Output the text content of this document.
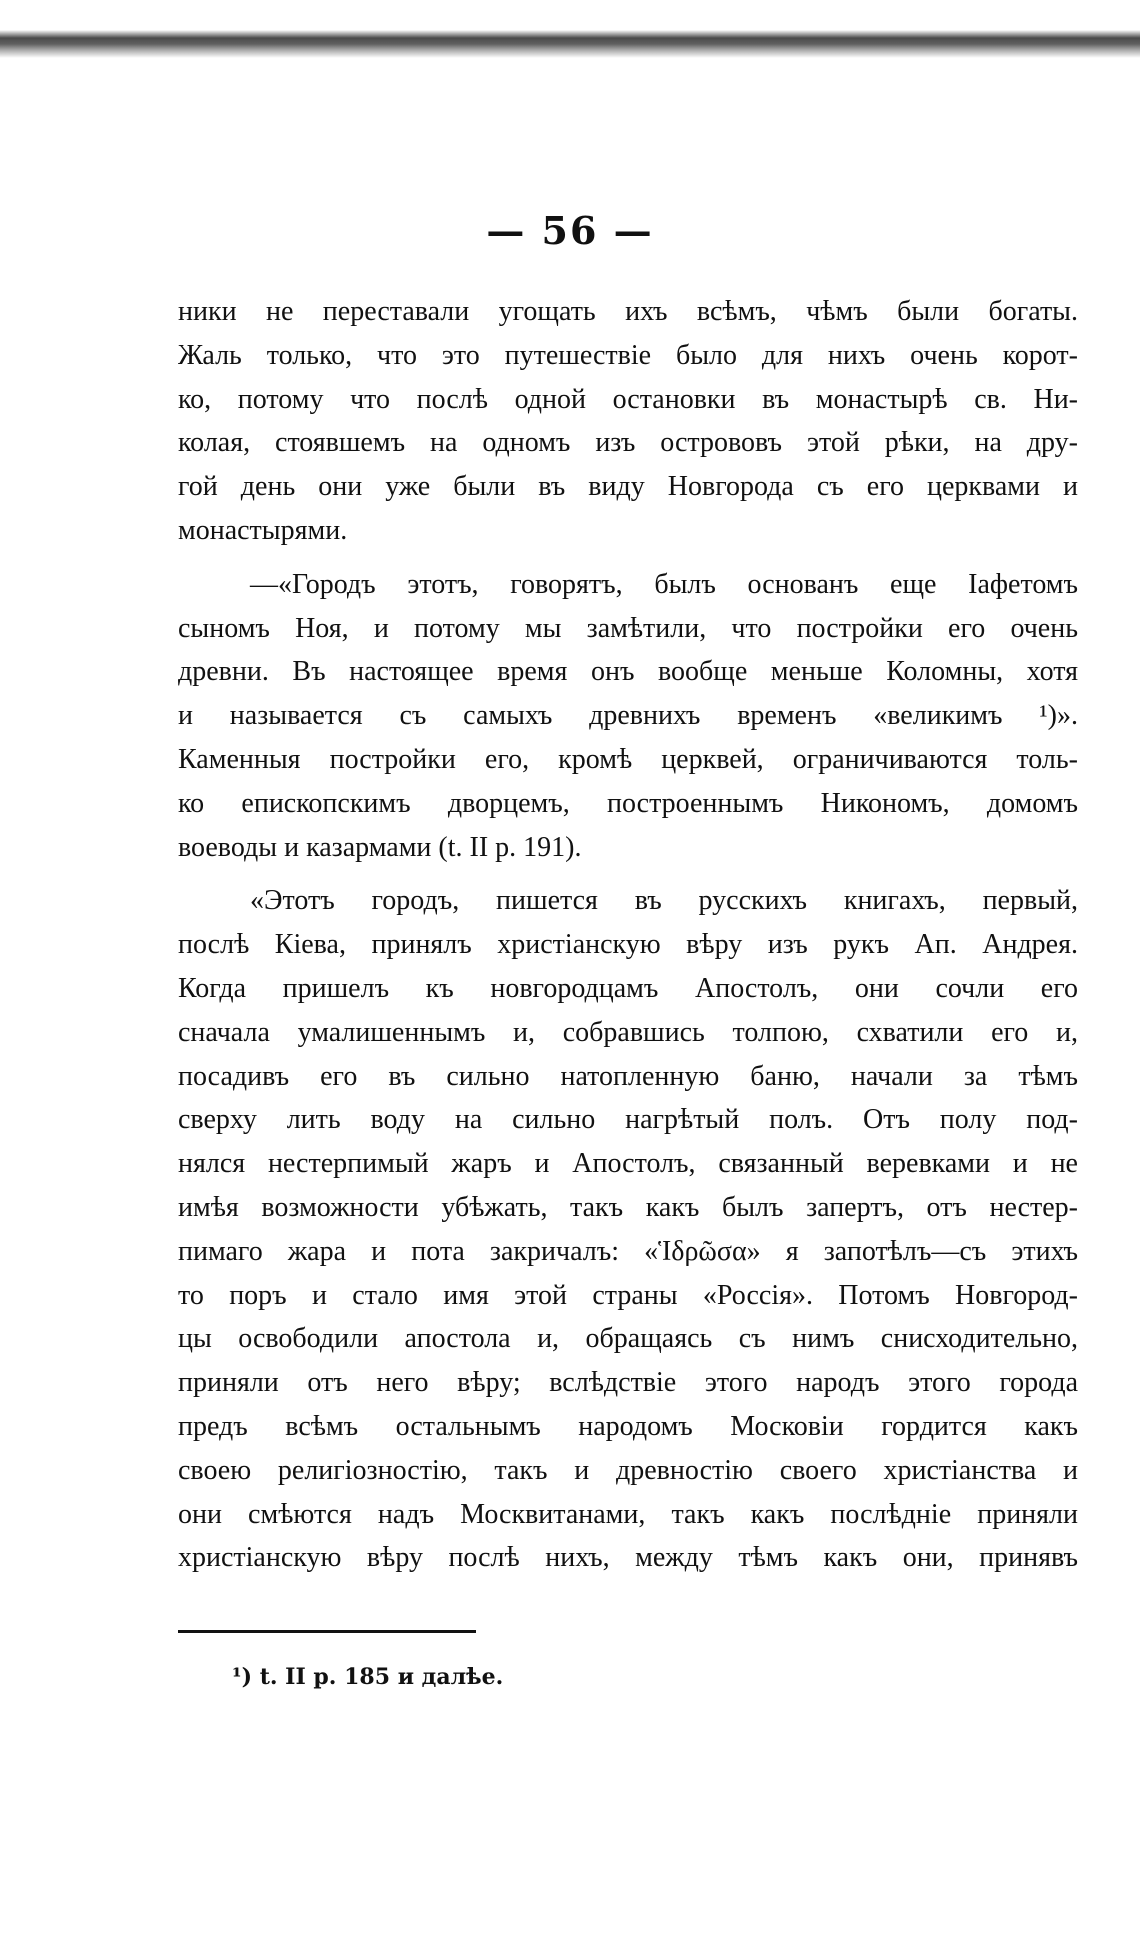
— 56 —
ники не переставали угощать ихъ всѣмъ, чѣмъ были богаты.
Жаль только, что это путешествіе было для нихъ очень корот-
ко, потому что послѣ одной остановки въ монастырѣ св. Ни-
колая, стоявшемъ на одномъ изъ острововъ этой рѣки, на дру-
гой день они уже были въ виду Новгорода съ его церквами и
монастырями.
—«Городъ этотъ, говорятъ, былъ основанъ еще Іафетомъ
сыномъ Ноя, и потому мы замѣтили, что постройки его очень
древни. Въ настоящее время онъ вообще меньше Коломны, хотя
и называется съ самыхъ древнихъ временъ «великимъ ¹)».
Каменныя постройки его, кромѣ церквей, ограничиваются толь-
ко епископскимъ дворцемъ, построеннымъ Никономъ, домомъ
воеводы и казармами (t. II p. 191).
«Этотъ городъ, пишется въ русскихъ книгахъ, первый,
послѣ Кіева, принялъ христіанскую вѣру изъ рукъ Ап. Андрея.
Когда пришелъ къ новгородцамъ Апостолъ, они сочли его
сначала умалишеннымъ и, собравшись толпою, схватили его и,
посадивъ его въ сильно натопленную баню, начали за тѣмъ
сверху лить воду на сильно нагрѣтый полъ. Отъ полу под-
нялся нестерпимый жаръ и Апостолъ, связанный веревками и не
имѣя возможности убѣжать, такъ какъ былъ запертъ, отъ нестер-
пимаго жара и пота закричалъ: «Ἱδρῶσα» я запотѣлъ—съ этихъ
то поръ и стало имя этой страны «Россія». Потомъ Новгород-
цы освободили апостола и, обращаясь съ нимъ снисходительно,
приняли отъ него вѣру; вслѣдствіе этого народъ этого города
предъ всѣмъ остальнымъ народомъ Московіи гордится какъ
своею религіозностію, такъ и древностію своего христіанства и
они смѣются надъ Москвитанами, такъ какъ послѣдніе приняли
христіанскую вѣру послѣ нихъ, между тѣмъ какъ они, принявъ
¹) t. II p. 185 и далѣе.
